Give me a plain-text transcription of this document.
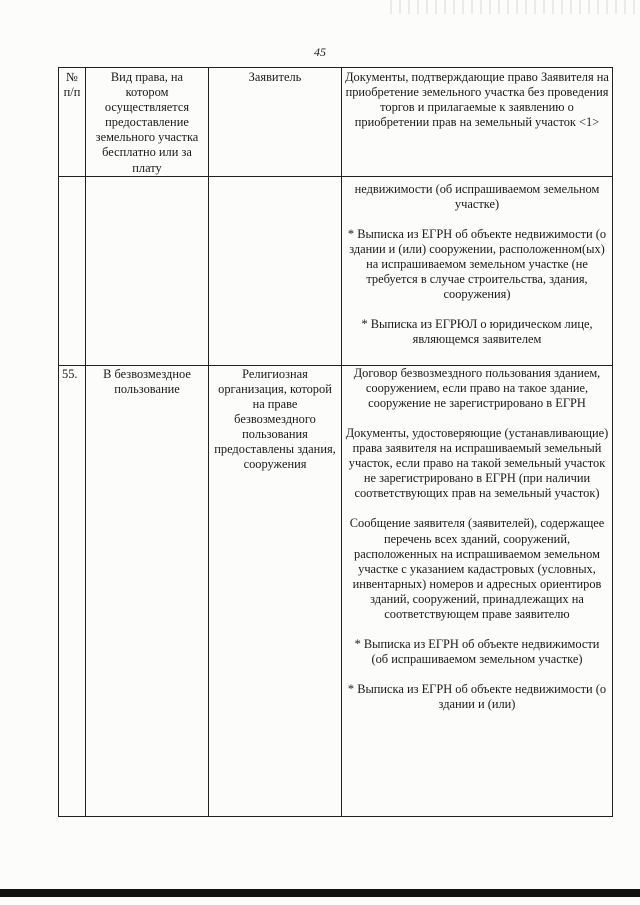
45
№ п/п	Вид права, на котором осуществляется предоставление земельного участка бесплатно или за плату	Заявитель	Документы, подтверждающие право Заявителя на приобретение земельного участка без проведения торгов и прилагаемые к заявлению о приобретении прав на земельный участок <1>

			недвижимости (об испрашиваемом земельном участке)
* Выписка из ЕГРН об объекте недвижимости (о здании и (или) сооружении, расположенном(ых) на испрашиваемом земельном участке (не требуется в случае строительства, здания, сооружения)
* Выписка из ЕГРЮЛ о юридическом лице, являющемся заявителем

55.	В безвозмездное пользование	Религиозная организация, которой на праве безвозмездного пользования предоставлены здания, сооружения	Договор безвозмездного пользования зданием, сооружением, если право на такое здание, сооружение не зарегистрировано в ЕГРН
Документы, удостоверяющие (устанавливающие) права заявителя на испрашиваемый земельный участок, если право на такой земельный участок не зарегистрировано в ЕГРН (при наличии соответствующих прав на земельный участок)
Сообщение заявителя (заявителей), содержащее перечень всех зданий, сооружений, расположенных на испрашиваемом земельном участке с указанием кадастровых (условных, инвентарных) номеров и адресных ориентиров зданий, сооружений, принадлежащих на соответствующем праве заявителю
* Выписка из ЕГРН об объекте недвижимости (об испрашиваемом земельном участке)
* Выписка из ЕГРН об объекте недвижимости (о здании и (или)
